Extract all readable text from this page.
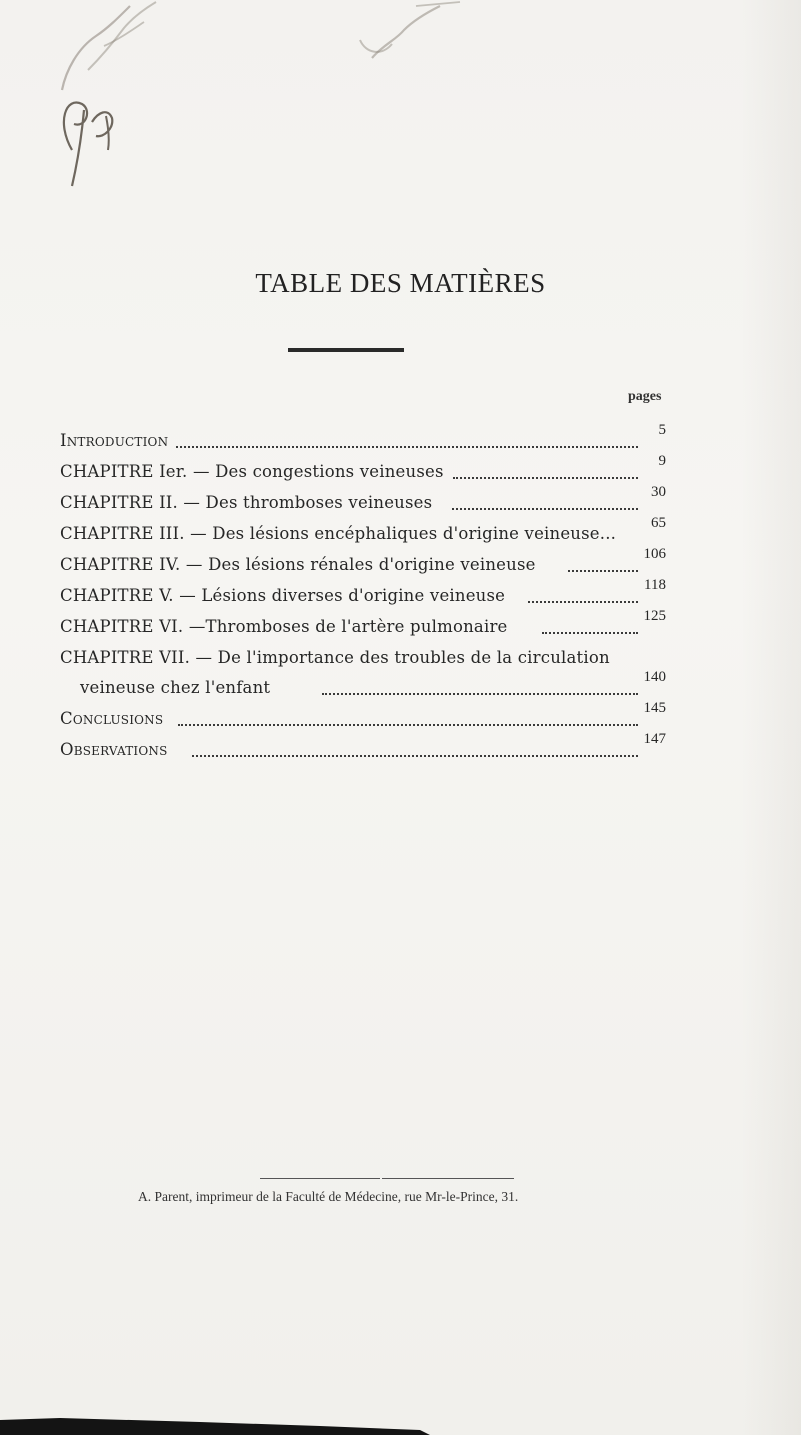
TABLE DES MATIÈRES
pages
Introduction
5
CHAPITRE Ier. — Des congestions veineuses
9
CHAPITRE II. — Des thromboses veineuses
30
CHAPITRE III. — Des lésions encéphaliques d'origine veineuse...
65
CHAPITRE IV. — Des lésions rénales d'origine veineuse
106
CHAPITRE V. — Lésions diverses d'origine veineuse
118
CHAPITRE VI. —Thromboses de l'artère pulmonaire
125
CHAPITRE VII. — De l'importance des troubles de la circulation
veineuse chez l'enfant
140
Conclusions
145
Observations
147
A. Parent, imprimeur de la Faculté de Médecine, rue Mr-le-Prince, 31.
